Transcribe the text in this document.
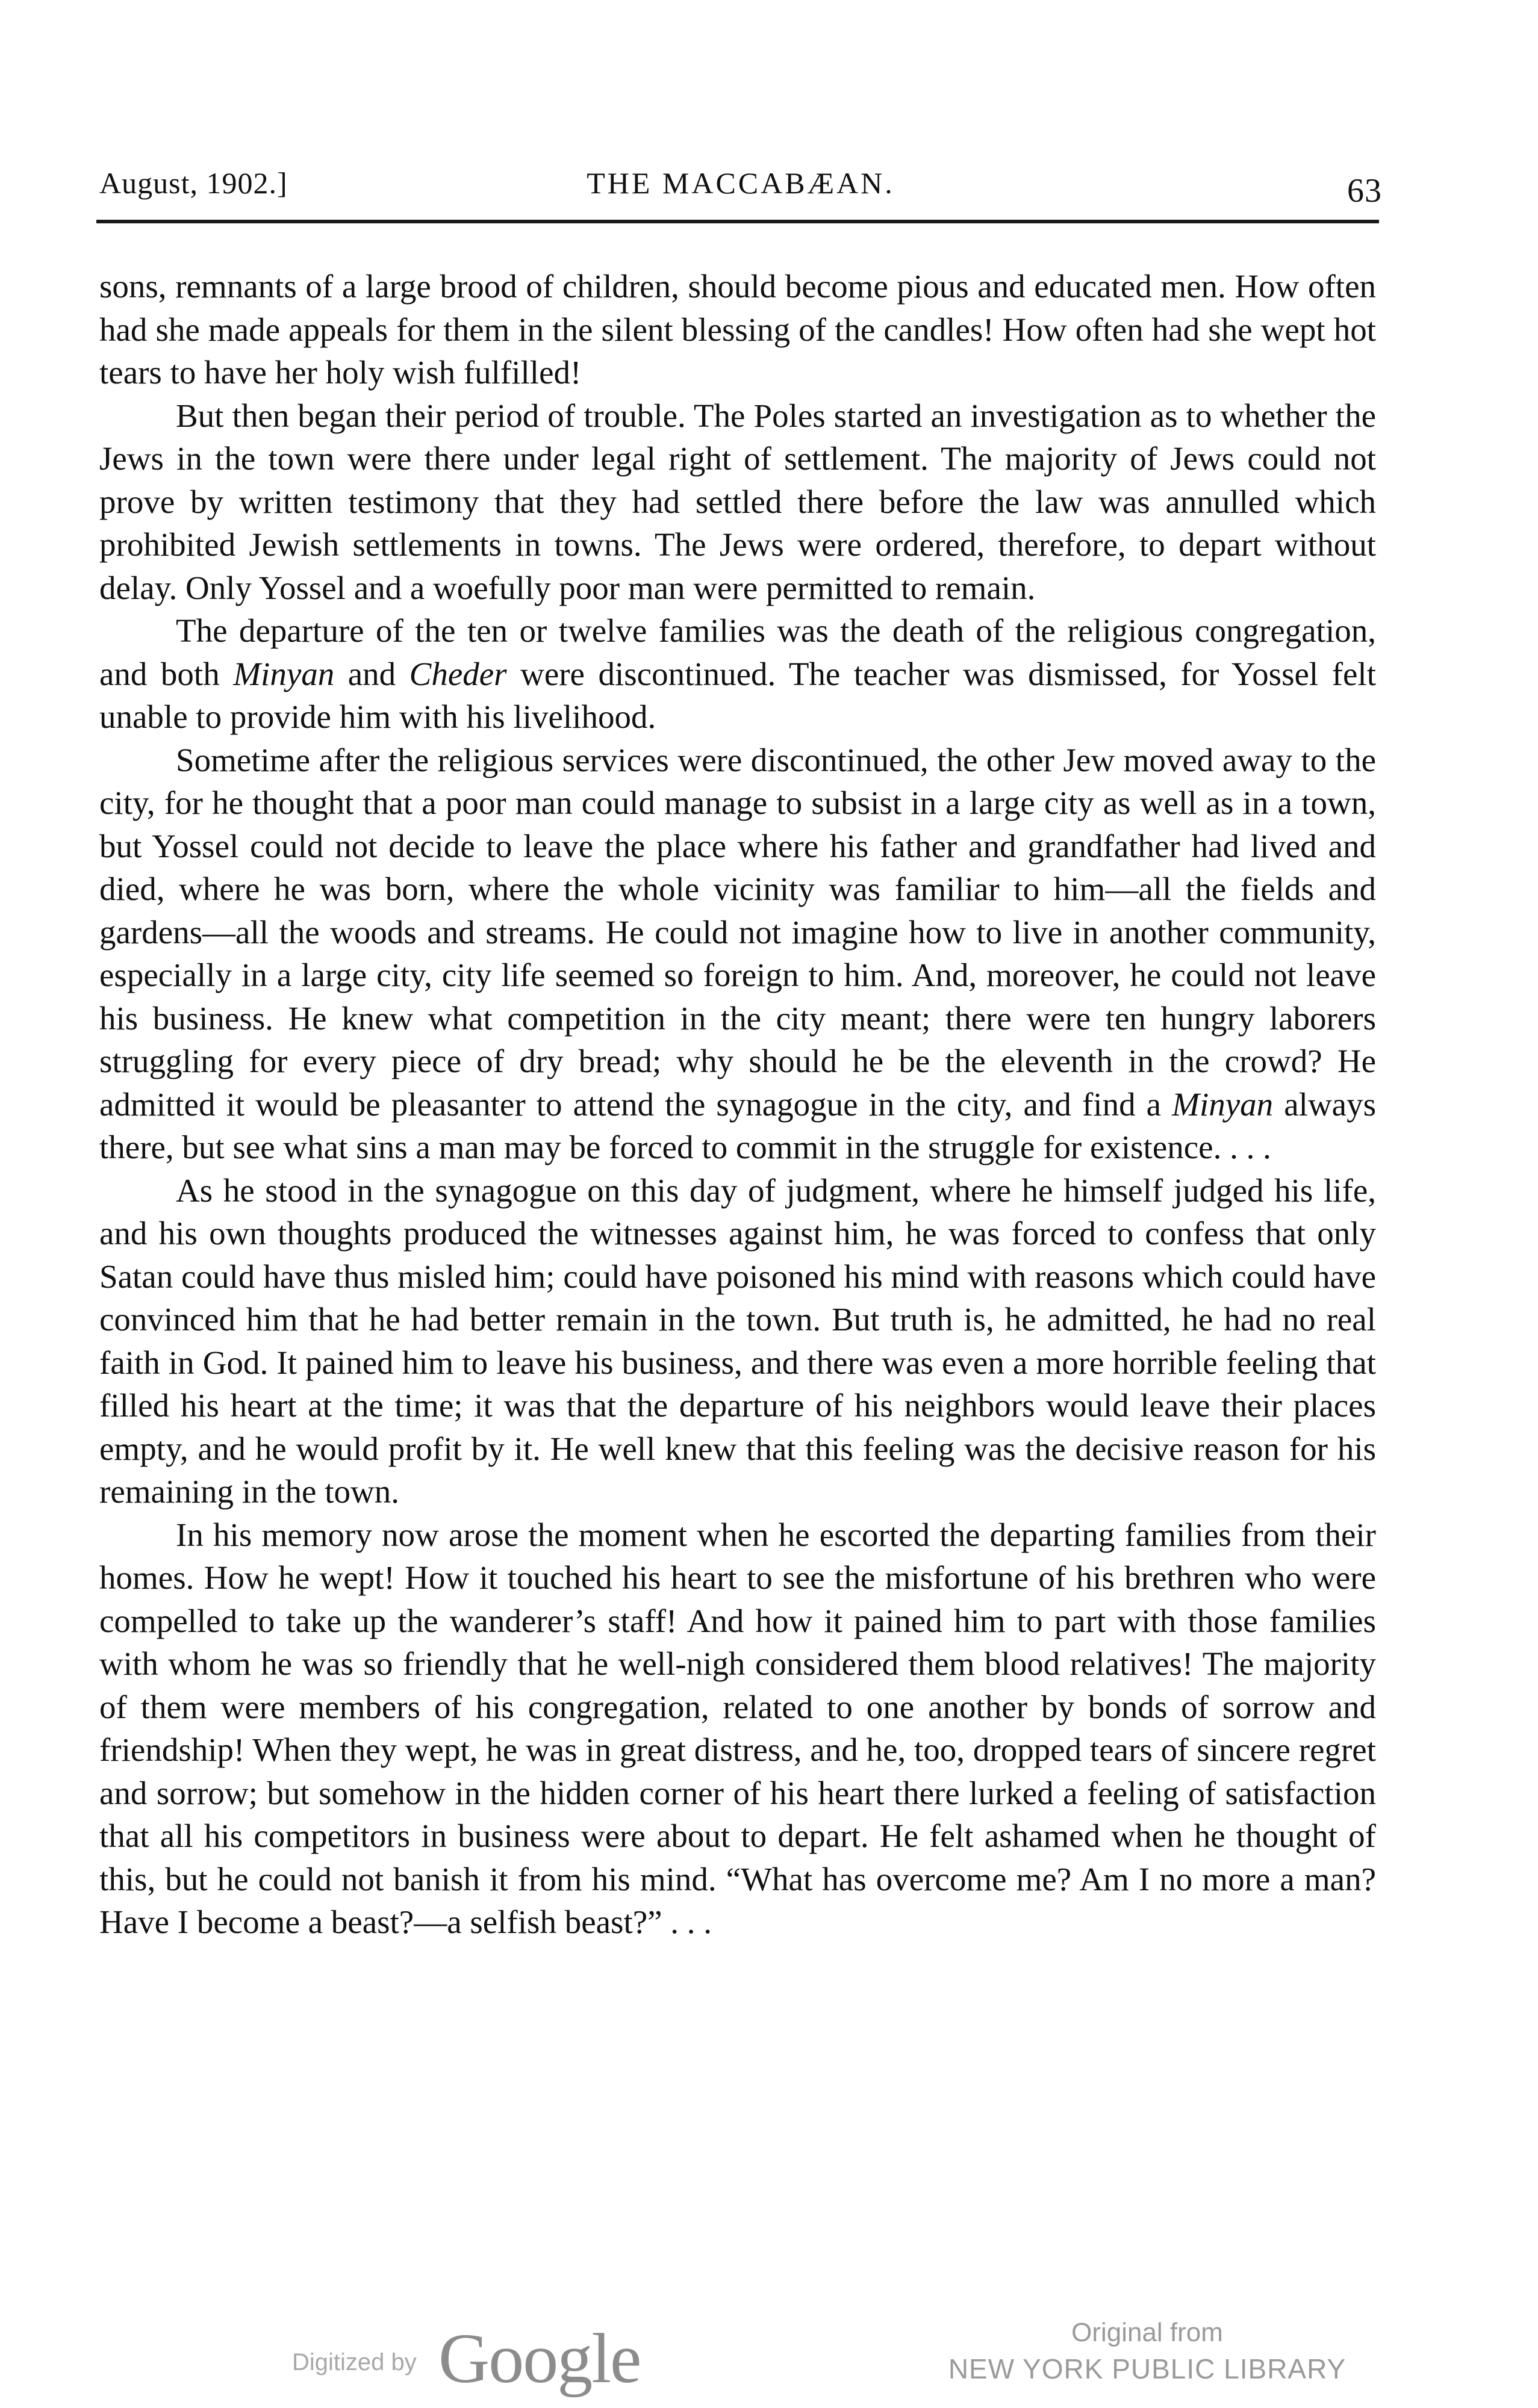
August, 1902.]	THE MACCABÆAN.	63

sons, remnants of a large brood of children, should become pious and educated men. How often had she made appeals for them in the silent blessing of the candles! How often had she wept hot tears to have her holy wish fulfilled!

But then began their period of trouble. The Poles started an investigation as to whether the Jews in the town were there under legal right of settlement. The majority of Jews could not prove by written testimony that they had settled there before the law was annulled which prohibited Jewish settlements in towns. The Jews were ordered, therefore, to depart without delay. Only Yossel and a woefully poor man were permitted to remain.

The departure of the ten or twelve families was the death of the religious congregation, and both Minyan and Cheder were discontinued. The teacher was dismissed, for Yossel felt unable to provide him with his livelihood.

Sometime after the religious services were discontinued, the other Jew moved away to the city, for he thought that a poor man could manage to subsist in a large city as well as in a town, but Yossel could not decide to leave the place where his father and grandfather had lived and died, where he was born, where the whole vicinity was familiar to him—all the fields and gardens—all the woods and streams. He could not imagine how to live in another community, especially in a large city, city life seemed so foreign to him. And, moreover, he could not leave his business. He knew what competition in the city meant; there were ten hungry laborers struggling for every piece of dry bread; why should he be the eleventh in the crowd? He admitted it would be pleasanter to attend the synagogue in the city, and find a Minyan always there, but see what sins a man may be forced to commit in the struggle for existence. . . .

As he stood in the synagogue on this day of judgment, where he himself judged his life, and his own thoughts produced the witnesses against him, he was forced to confess that only Satan could have thus misled him; could have poisoned his mind with reasons which could have convinced him that he had better remain in the town. But truth is, he admitted, he had no real faith in God. It pained him to leave his business, and there was even a more horrible feeling that filled his heart at the time; it was that the departure of his neighbors would leave their places empty, and he would profit by it. He well knew that this feeling was the decisive reason for his remaining in the town.

In his memory now arose the moment when he escorted the departing families from their homes. How he wept! How it touched his heart to see the misfortune of his brethren who were compelled to take up the wanderer’s staff! And how it pained him to part with those families with whom he was so friendly that he well-nigh considered them blood relatives! The majority of them were members of his congregation, related to one another by bonds of sorrow and friendship! When they wept, he was in great distress, and he, too, dropped tears of sincere regret and sorrow; but somehow in the hidden corner of his heart there lurked a feeling of satisfaction that all his competitors in business were about to depart. He felt ashamed when he thought of this, but he could not banish it from his mind. “What has overcome me? Am I no more a man? Have I become a beast?—a selfish beast?” . . .

Digitized by Google	Original from
NEW YORK PUBLIC LIBRARY
